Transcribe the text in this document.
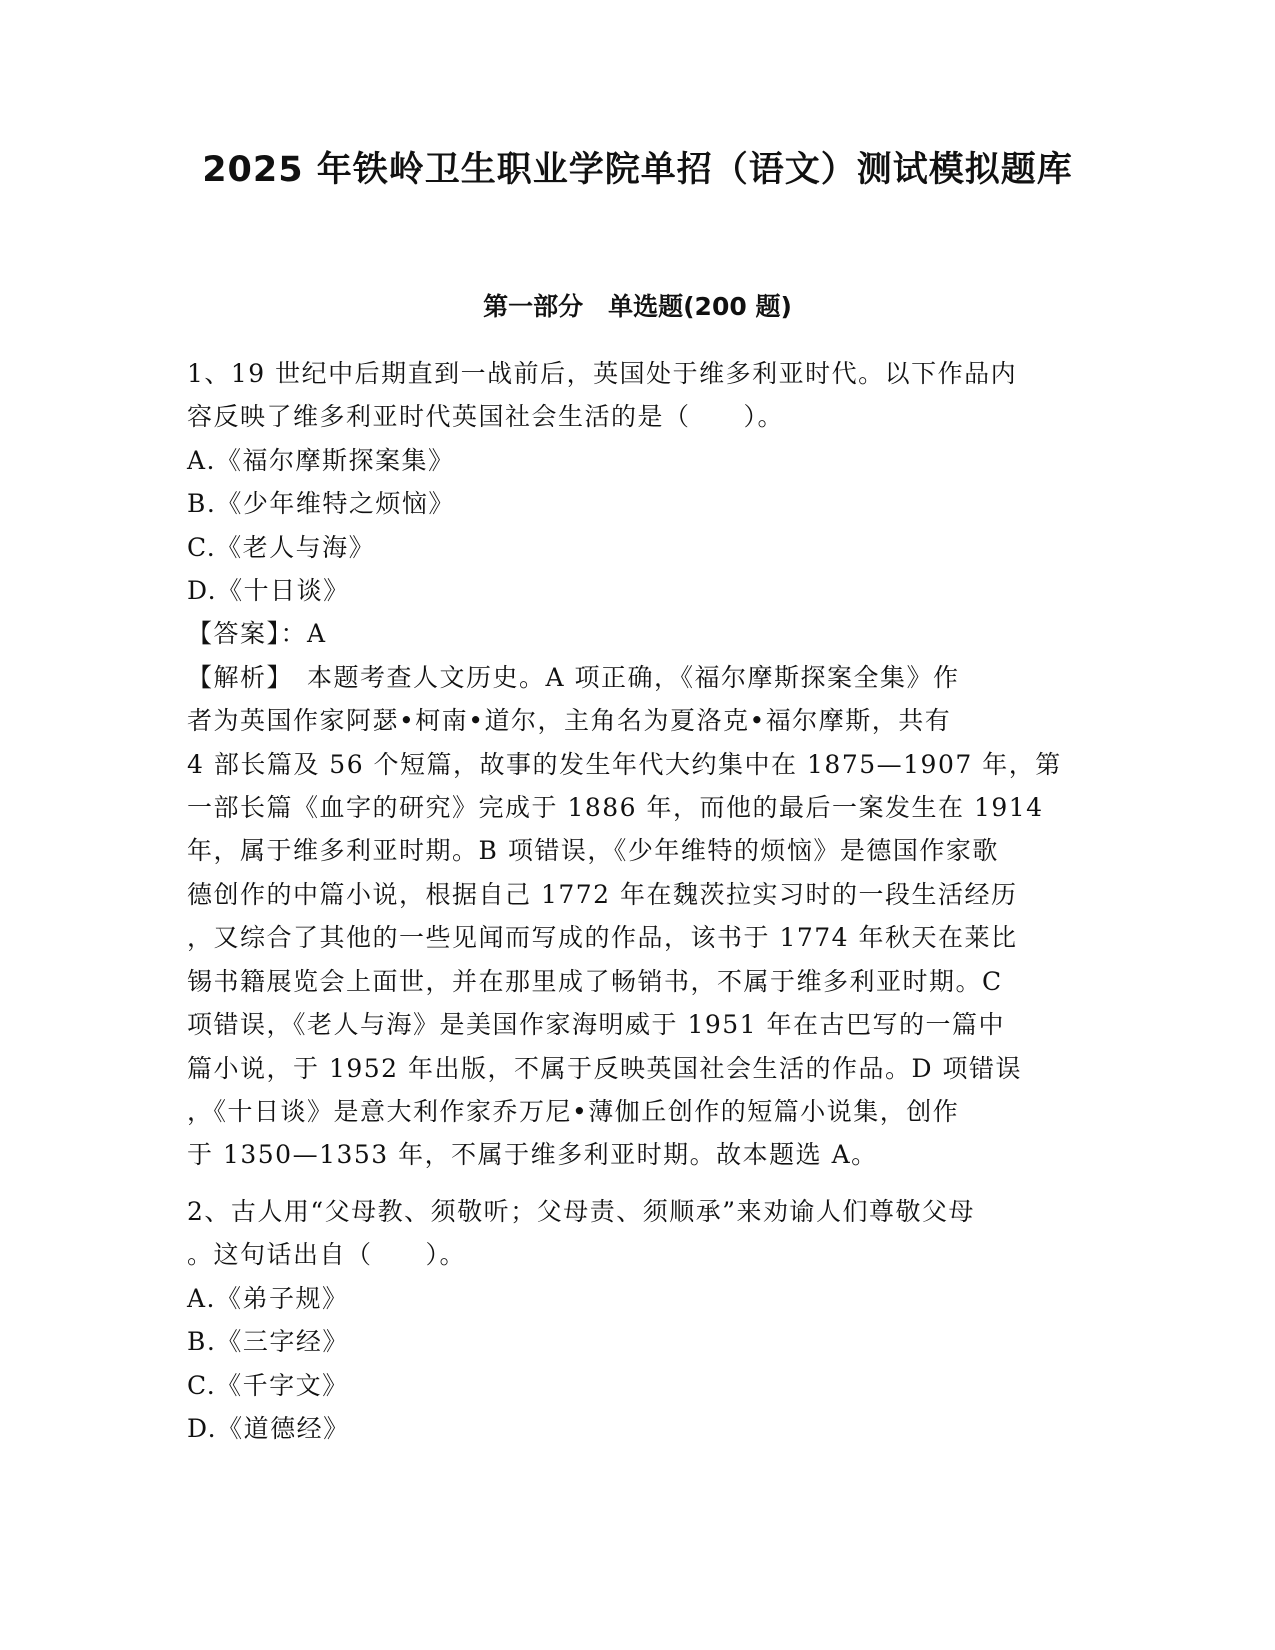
2025 年铁岭卫生职业学院单招（语文）测试模拟题库
第一部分　单选题(200 题)
1、19 世纪中后期直到一战前后，英国处于维多利亚时代。以下作品内
容反映了维多利亚时代英国社会生活的是（　　）。
A.《福尔摩斯探案集》
B.《少年维特之烦恼》
C.《老人与海》
D.《十日谈》
【答案】：A
【解析】　本题考查人文历史。A 项正确，《福尔摩斯探案全集》作
者为英国作家阿瑟•柯南•道尔，主角名为夏洛克•福尔摩斯，共有
4 部长篇及 56 个短篇，故事的发生年代大约集中在 1875—1907 年，第
一部长篇《血字的研究》完成于 1886 年，而他的最后一案发生在 1914
年，属于维多利亚时期。B 项错误，《少年维特的烦恼》是德国作家歌
德创作的中篇小说，根据自己 1772 年在魏茨拉实习时的一段生活经历
，又综合了其他的一些见闻而写成的作品，该书于 1774 年秋天在莱比
锡书籍展览会上面世，并在那里成了畅销书，不属于维多利亚时期。C
项错误，《老人与海》是美国作家海明威于 1951 年在古巴写的一篇中
篇小说，于 1952 年出版，不属于反映英国社会生活的作品。D 项错误
，《十日谈》是意大利作家乔万尼•薄伽丘创作的短篇小说集，创作
于 1350—1353 年，不属于维多利亚时期。故本题选 A。
2、古人用“父母教、须敬听；父母责、须顺承”来劝谕人们尊敬父母
。这句话出自（　　）。
A.《弟子规》
B.《三字经》
C.《千字文》
D.《道德经》
